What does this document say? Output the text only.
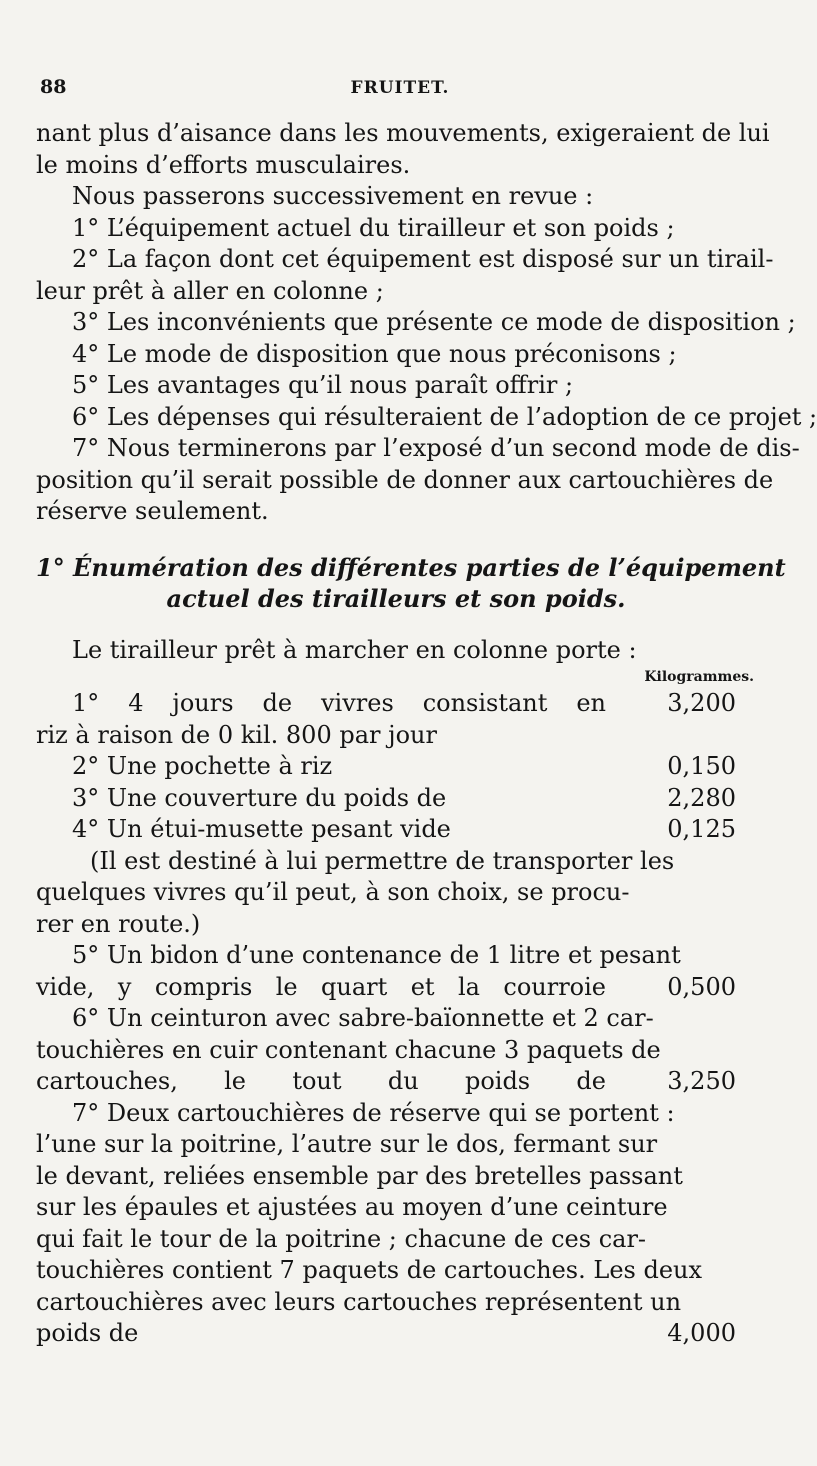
88	FRUITET.
nant plus d’aisance dans les mouvements, exigeraient de lui
le moins d’efforts musculaires.
Nous passerons successivement en revue :
1° L’équipement actuel du tirailleur et son poids ;
2° La façon dont cet équipement est disposé sur un tirail-
leur prêt à aller en colonne ;
3° Les inconvénients que présente ce mode de disposition ;
4° Le mode de disposition que nous préconisons ;
5° Les avantages qu’il nous paraît offrir ;
6° Les dépenses qui résulteraient de l’adoption de ce projet ;
7° Nous terminerons par l’exposé d’un second mode de dis-
position qu’il serait possible de donner aux cartouchières de
réserve seulement.
1° Énumération des différentes parties de l’équipement
actuel des tirailleurs et son poids.
Le tirailleur prêt à marcher en colonne porte :
Kilogrammes.
1° 4 jours de vivres consistant en	3,200
riz à raison de 0 kil. 800 par jour
2° Une pochette à riz	0,150
3° Une couverture du poids de	2,280
4° Un étui-musette pesant vide	0,125
(Il est destiné à lui permettre de transporter les
quelques vivres qu’il peut, à son choix, se procu-
rer en route.)
5° Un bidon d’une contenance de 1 litre et pesant
vide, y compris le quart et la courroie	0,500
6° Un ceinturon avec sabre-baïonnette et 2 car-
touchières en cuir contenant chacune 3 paquets de
cartouches, le tout du poids de	3,250
7° Deux cartouchières de réserve qui se portent :
l’une sur la poitrine, l’autre sur le dos, fermant sur
le devant, reliées ensemble par des bretelles passant
sur les épaules et ajustées au moyen d’une ceinture
qui fait le tour de la poitrine ; chacune de ces car-
touchières contient 7 paquets de cartouches. Les deux
cartouchières avec leurs cartouches représentent un
poids de	4,000
